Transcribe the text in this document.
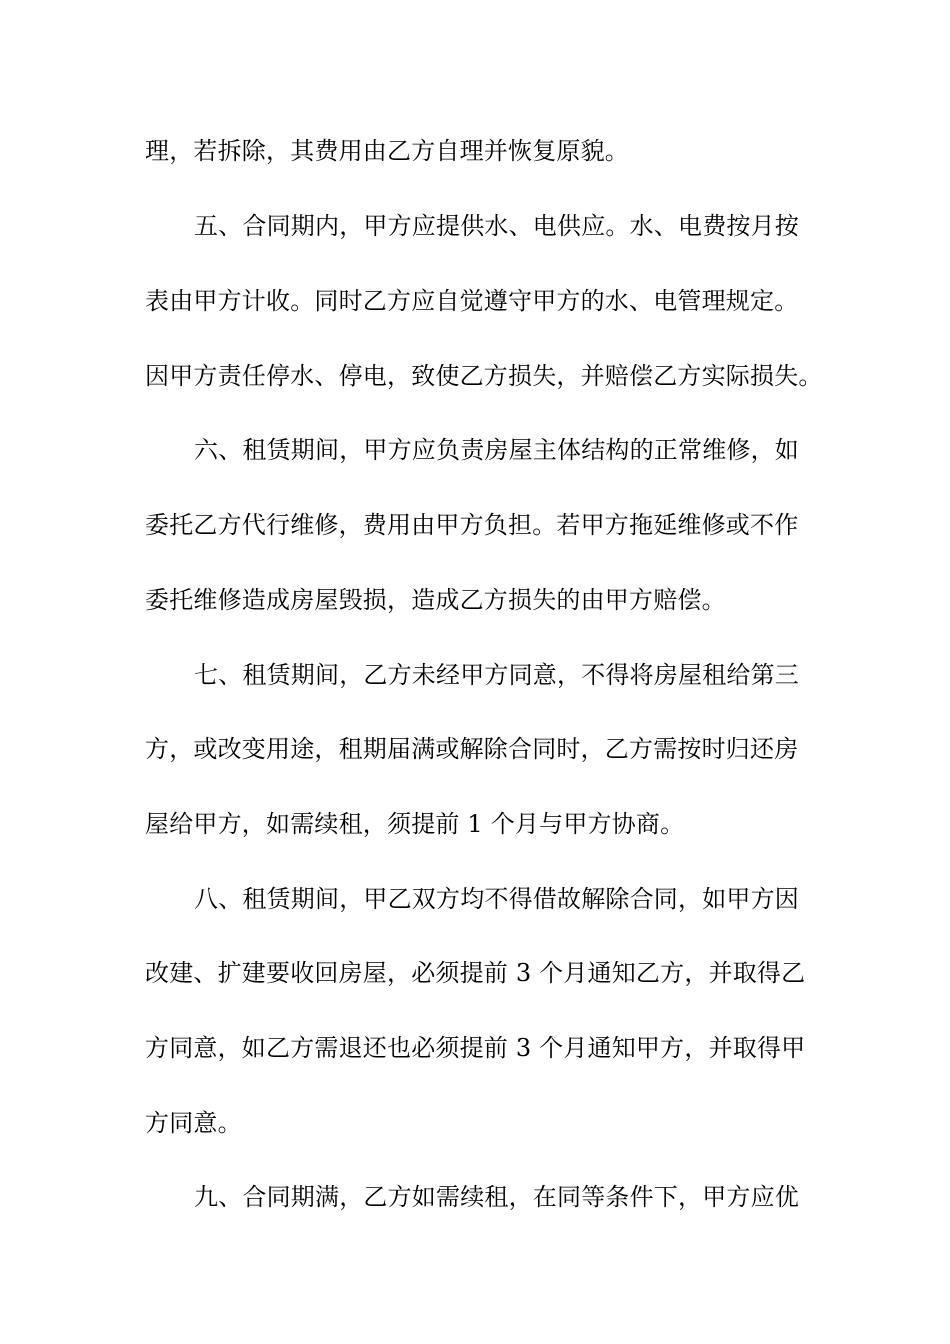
理，若拆除，其费用由乙方自理并恢复原貌。
五、合同期内，甲方应提供水、电供应。水、电费按月按
表由甲方计收。同时乙方应自觉遵守甲方的水、电管理规定。
因甲方责任停水、停电，致使乙方损失，并赔偿乙方实际损失。
六、租赁期间，甲方应负责房屋主体结构的正常维修，如
委托乙方代行维修，费用由甲方负担。若甲方拖延维修或不作
委托维修造成房屋毁损，造成乙方损失的由甲方赔偿。
七、租赁期间，乙方未经甲方同意，不得将房屋租给第三
方，或改变用途，租期届满或解除合同时，乙方需按时归还房
屋给甲方，如需续租，须提前 1 个月与甲方协商。
八、租赁期间，甲乙双方均不得借故解除合同，如甲方因
改建、扩建要收回房屋，必须提前 3 个月通知乙方，并取得乙
方同意，如乙方需退还也必须提前 3 个月通知甲方，并取得甲
方同意。
九、合同期满，乙方如需续租，在同等条件下，甲方应优
